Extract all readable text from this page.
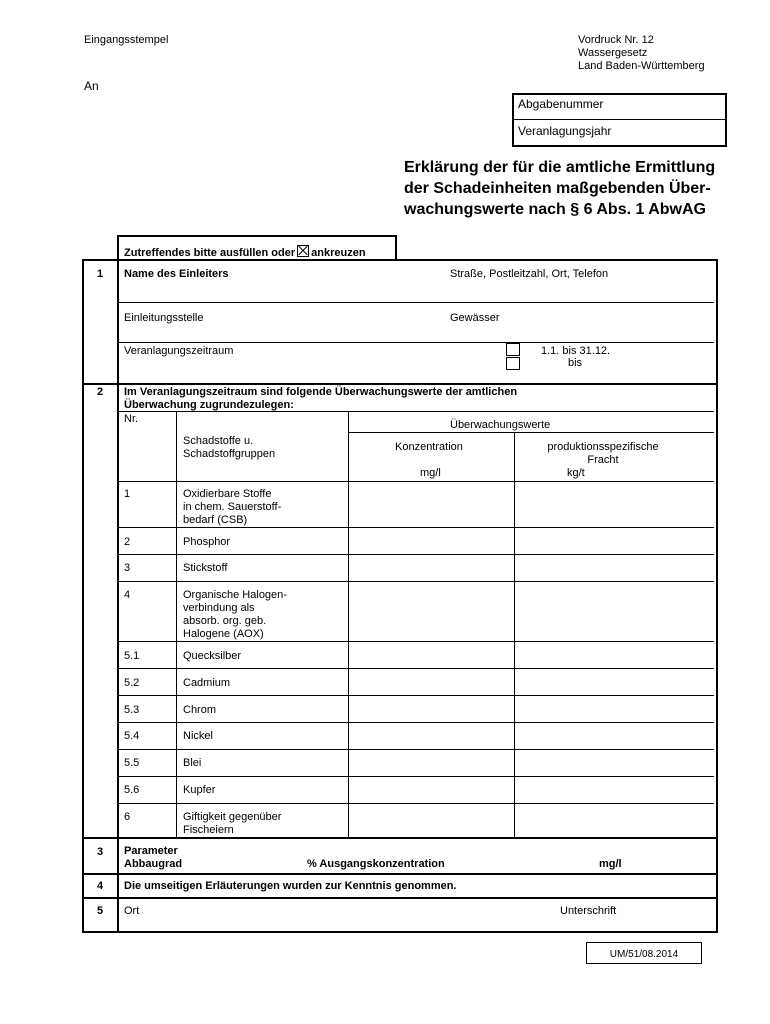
Eingangsstempel	Vordruck Nr. 12
Wassergesetz
Land Baden-Württemberg
An
Abgabenummer
Veranlagungsjahr
Erklärung der für die amtliche Ermittlung
der Schadeinheiten maßgebenden Über-
wachungswerte nach § 6 Abs. 1 AbwAG
Zutreffendes bitte ausfüllen oder ankreuzen
1 Name des Einleiters	Straße, Postleitzahl, Ort, Telefon
Einleitungsstelle	Gewässer
Veranlagungszeitraum	1.1. bis 31.12.
bis
2 Im Veranlagungszeitraum sind folgende Überwachungswerte der amtlichen
Überwachung zugrundezulegen:
Nr.
Schadstoffe u.
Schadstoffgruppen
Überwachungswerte
Konzentration
mg/l
produktionsspezifische
Fracht
kg/t
1	Oxidierbare Stoffe
in chem. Sauerstoff-
bedarf (CSB)
2	Phosphor
3	Stickstoff
4	Organische Halogen-
verbindung als
absorb. org. geb.
Halogene (AOX)
5.1	Quecksilber
5.2	Cadmium
5.3	Chrom
5.4	Nickel
5.5	Blei
5.6	Kupfer
6	Giftigkeit gegenüber
Fischeiern
3 Parameter
Abbaugrad	% Ausgangskonzentration	mg/l
4 Die umseitigen Erläuterungen wurden zur Kenntnis genommen.
5 Ort	Unterschrift
UM/51/08.2014
